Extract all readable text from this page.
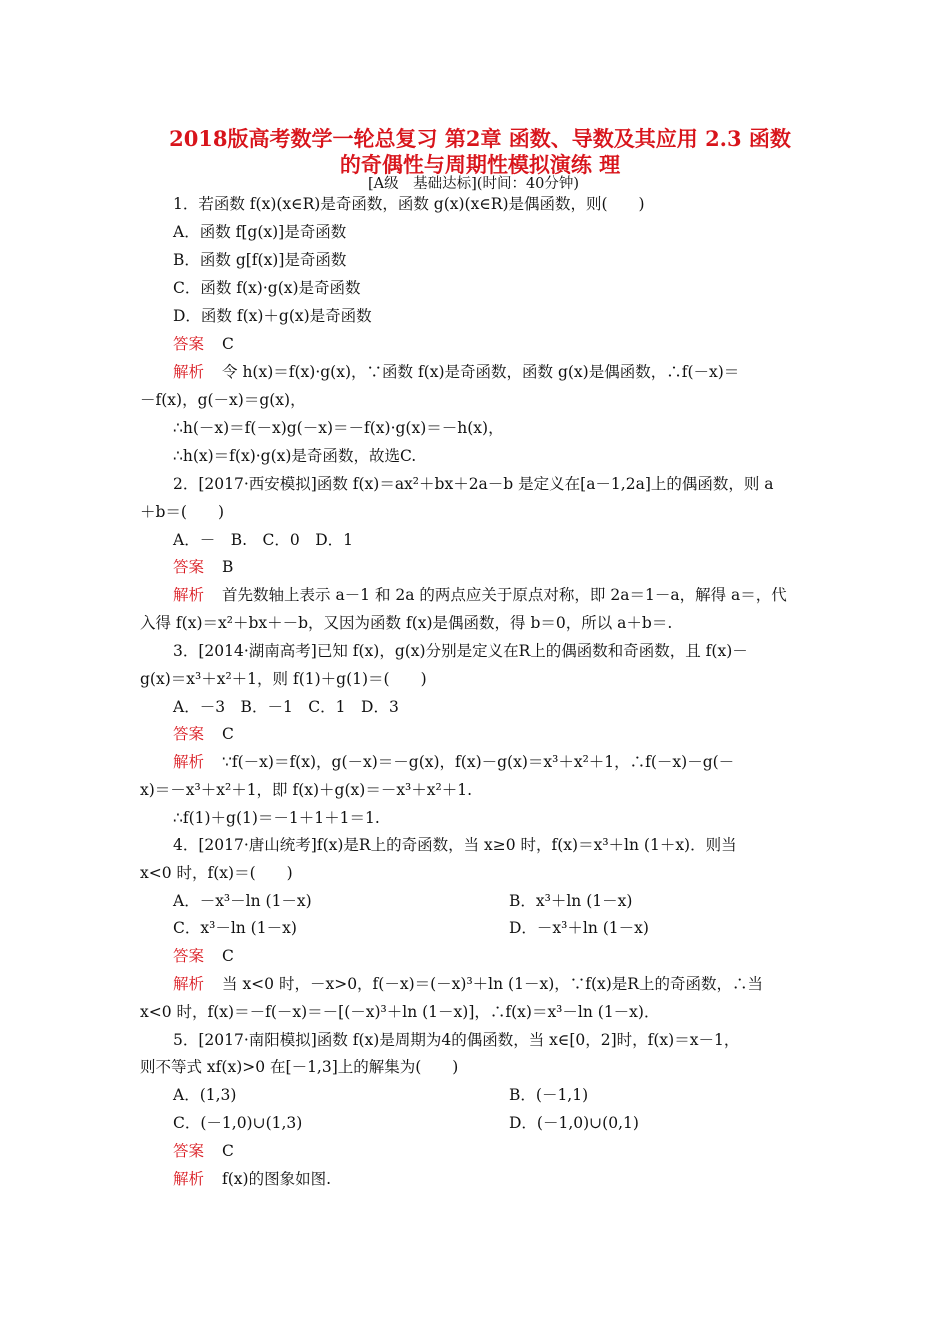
2018版高考数学一轮总复习 第2章 函数、导数及其应用 2.3 函数
的奇偶性与周期性模拟演练 理
[A级　基础达标](时间：40分钟)
1．若函数 f(x)(x∈R)是奇函数，函数 g(x)(x∈R)是偶函数，则(　　)
A．函数 f[g(x)]是奇函数
B．函数 g[f(x)]是奇函数
C．函数 f(x)·g(x)是奇函数
D．函数 f(x)＋g(x)是奇函数
答案 C
解析 令 h(x)＝f(x)·g(x)，∵函数 f(x)是奇函数，函数 g(x)是偶函数，∴f(－x)＝
－f(x)，g(－x)＝g(x)，
∴h(－x)＝f(－x)g(－x)＝－f(x)·g(x)＝－h(x)，
∴h(x)＝f(x)·g(x)是奇函数，故选C.
2．[2017·西安模拟]函数 f(x)＝ax²＋bx＋2a－b 是定义在[a－1,2a]上的偶函数，则 a
＋b＝(　　)
A．－　B.　C．0　D．1
答案 B
解析 首先数轴上表示 a－1 和 2a 的两点应关于原点对称，即 2a＝1－a，解得 a＝，代
入得 f(x)＝x²＋bx＋－b，又因为函数 f(x)是偶函数，得 b＝0，所以 a＋b＝.
3．[2014·湖南高考]已知 f(x)，g(x)分别是定义在R上的偶函数和奇函数，且 f(x)－
g(x)＝x³＋x²＋1，则 f(1)＋g(1)＝(　　)
A．－3　B．－1　C．1　D．3
答案 C
解析 ∵f(－x)＝f(x)，g(－x)＝－g(x)，f(x)－g(x)＝x³＋x²＋1，∴f(－x)－g(－
x)＝－x³＋x²＋1，即 f(x)＋g(x)＝－x³＋x²＋1.
∴f(1)＋g(1)＝－1＋1＋1＝1.
4．[2017·唐山统考]f(x)是R上的奇函数，当 x≥0 时，f(x)＝x³＋ln (1＋x)．则当
x<0 时，f(x)＝(　　)
A．－x³－ln (1－x)	B．x³＋ln (1－x)
C．x³－ln (1－x)	D．－x³＋ln (1－x)
答案 C
解析 当 x<0 时，－x>0，f(－x)＝(－x)³＋ln (1－x)，∵f(x)是R上的奇函数，∴当
x<0 时，f(x)＝－f(－x)＝－[(－x)³＋ln (1－x)]，∴f(x)＝x³－ln (1－x)．
5．[2017·南阳模拟]函数 f(x)是周期为4的偶函数，当 x∈[0，2]时，f(x)＝x－1，
则不等式 xf(x)>0 在[－1,3]上的解集为(　　)
A．(1,3)	B．(－1,1)
C．(－1,0)∪(1,3)	D．(－1,0)∪(0,1)
答案 C
解析 f(x)的图象如图.
